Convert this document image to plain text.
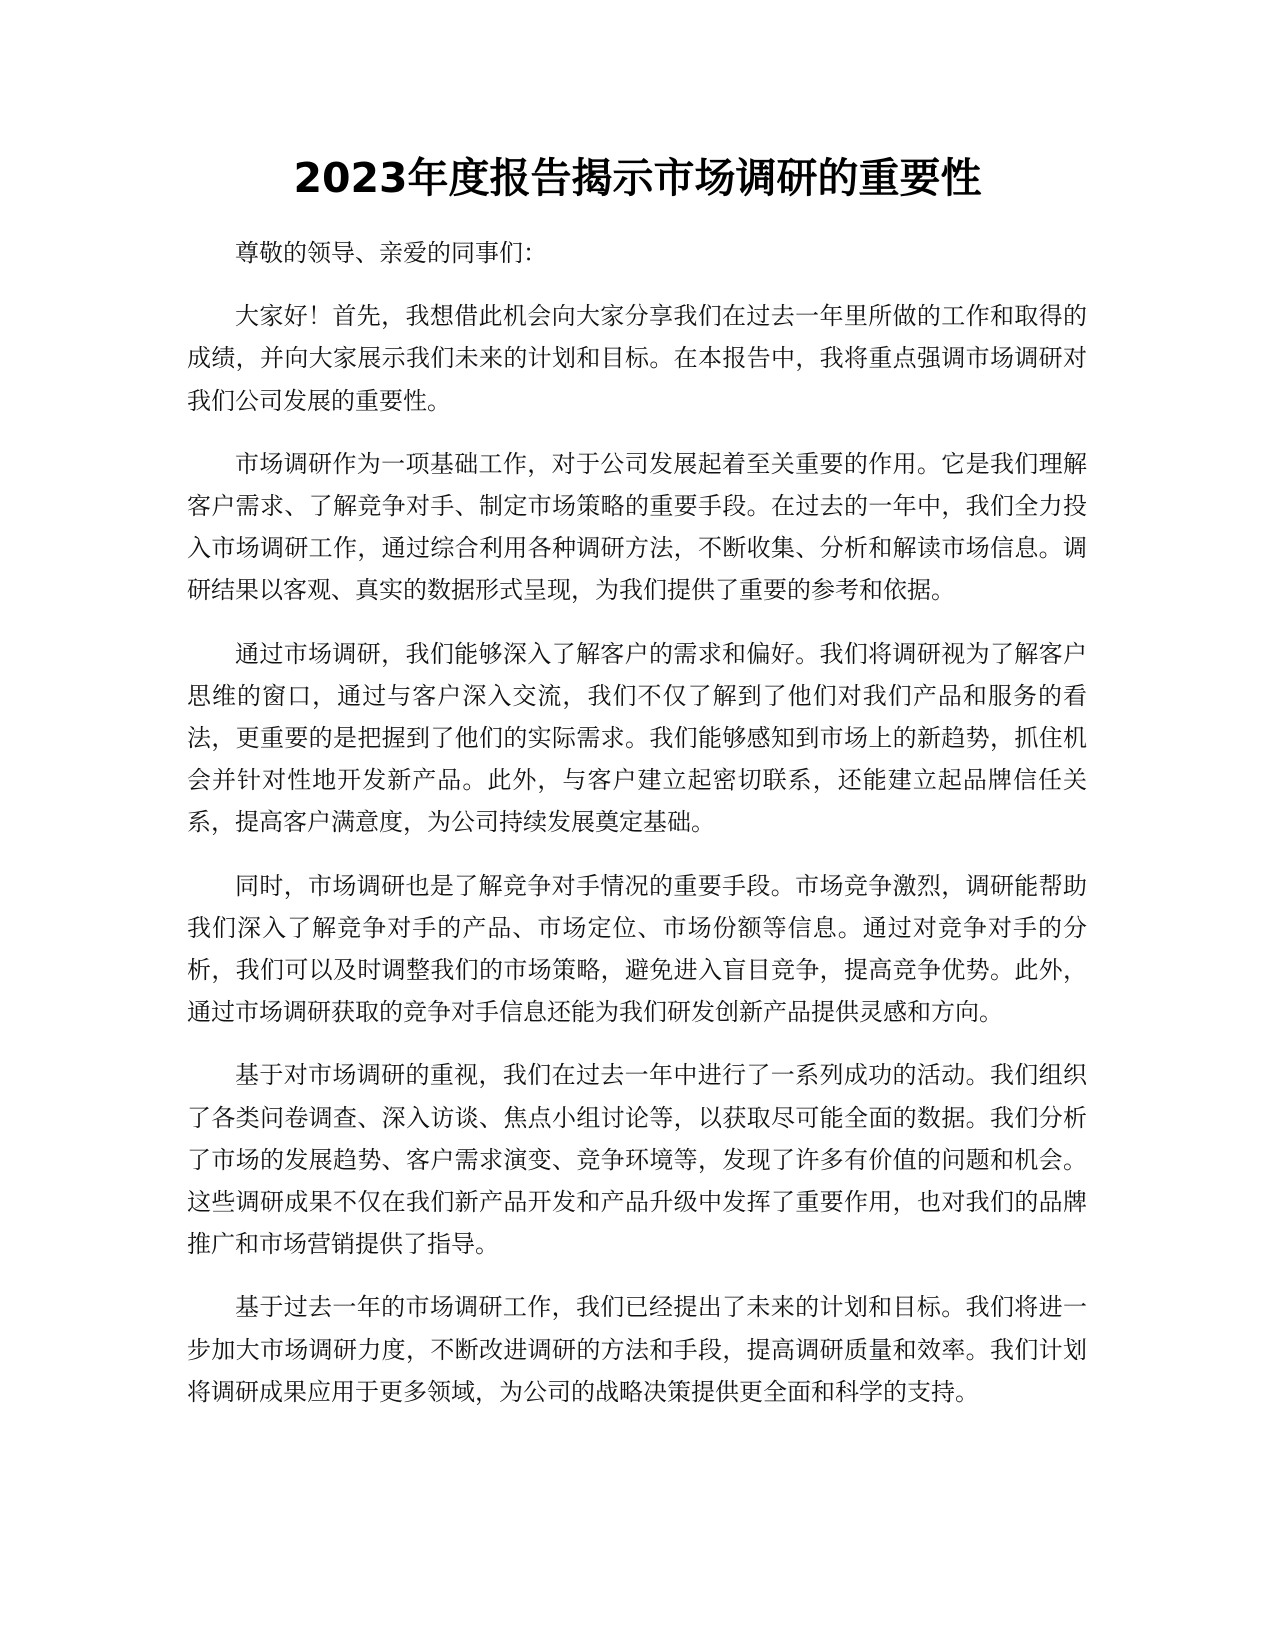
2023年度报告揭示市场调研的重要性

尊敬的领导、亲爱的同事们：

大家好！首先，我想借此机会向大家分享我们在过去一年里所做的工作和取得的成绩，并向大家展示我们未来的计划和目标。在本报告中，我将重点强调市场调研对我们公司发展的重要性。

市场调研作为一项基础工作，对于公司发展起着至关重要的作用。它是我们理解客户需求、了解竞争对手、制定市场策略的重要手段。在过去的一年中，我们全力投入市场调研工作，通过综合利用各种调研方法，不断收集、分析和解读市场信息。调研结果以客观、真实的数据形式呈现，为我们提供了重要的参考和依据。

通过市场调研，我们能够深入了解客户的需求和偏好。我们将调研视为了解客户思维的窗口，通过与客户深入交流，我们不仅了解到了他们对我们产品和服务的看法，更重要的是把握到了他们的实际需求。我们能够感知到市场上的新趋势，抓住机会并针对性地开发新产品。此外，与客户建立起密切联系，还能建立起品牌信任关系，提高客户满意度，为公司持续发展奠定基础。

同时，市场调研也是了解竞争对手情况的重要手段。市场竞争激烈，调研能帮助我们深入了解竞争对手的产品、市场定位、市场份额等信息。通过对竞争对手的分析，我们可以及时调整我们的市场策略，避免进入盲目竞争，提高竞争优势。此外，通过市场调研获取的竞争对手信息还能为我们研发创新产品提供灵感和方向。

基于对市场调研的重视，我们在过去一年中进行了一系列成功的活动。我们组织了各类问卷调查、深入访谈、焦点小组讨论等，以获取尽可能全面的数据。我们分析了市场的发展趋势、客户需求演变、竞争环境等，发现了许多有价值的问题和机会。这些调研成果不仅在我们新产品开发和产品升级中发挥了重要作用，也对我们的品牌推广和市场营销提供了指导。

基于过去一年的市场调研工作，我们已经提出了未来的计划和目标。我们将进一步加大市场调研力度，不断改进调研的方法和手段，提高调研质量和效率。我们计划将调研成果应用于更多领域，为公司的战略决策提供更全面和科学的支持。
